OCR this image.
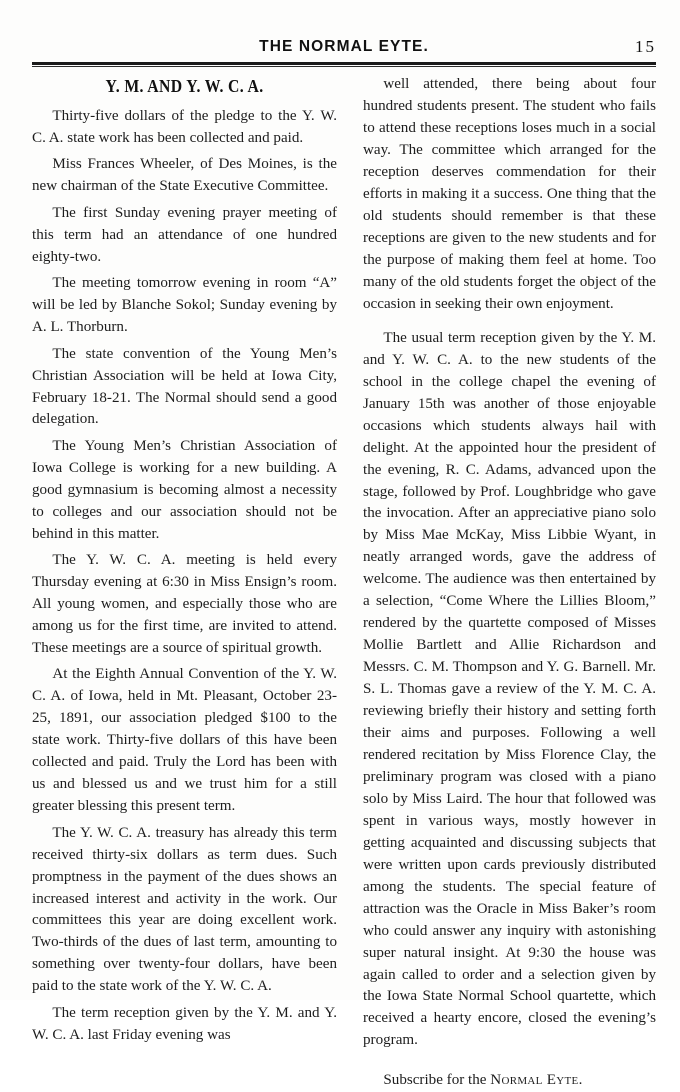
THE NORMAL EYTE.	15
Y. M. AND Y. W. C. A.

Thirty-five dollars of the pledge to the Y. W. C. A. state work has been collected and paid.

Miss Frances Wheeler, of Des Moines, is the new chairman of the State Executive Committee.

The first Sunday evening prayer meeting of this term had an attendance of one hundred eighty-two.

The meeting tomorrow evening in room “A” will be led by Blanche Sokol; Sunday evening by A. L. Thorburn.

The state convention of the Young Men’s Christian Association will be held at Iowa City, February 18-21. The Normal should send a good delegation.

The Young Men’s Christian Association of Iowa College is working for a new building. A good gymnasium is becoming almost a necessity to colleges and our association should not be behind in this matter.

The Y. W. C. A. meeting is held every Thursday evening at 6:30 in Miss Ensign’s room. All young women, and especially those who are among us for the first time, are invited to attend. These meetings are a source of spiritual growth.

At the Eighth Annual Convention of the Y. W. C. A. of Iowa, held in Mt. Pleasant, October 23-25, 1891, our association pledged $100 to the state work. Thirty-five dollars of this have been collected and paid. Truly the Lord has been with us and blessed us and we trust him for a still greater blessing this present term.

The Y. W. C. A. treasury has already this term received thirty-six dollars as term dues. Such promptness in the payment of the dues shows an increased interest and activity in the work. Our committees this year are doing excellent work. Two-thirds of the dues of last term, amounting to something over twenty-four dollars, have been paid to the state work of the Y. W. C. A.

The term reception given by the Y. M. and Y. W. C. A. last Friday evening was

well attended, there being about four hundred students present. The student who fails to attend these receptions loses much in a social way. The committee which arranged for the reception deserves commendation for their efforts in making it a success. One thing that the old students should remember is that these receptions are given to the new students and for the purpose of making them feel at home. Too many of the old students forget the object of the occasion in seeking their own enjoyment.

The usual term reception given by the Y. M. and Y. W. C. A. to the new students of the school in the college chapel the evening of January 15th was another of those enjoyable occasions which students always hail with delight. At the appointed hour the president of the evening, R. C. Adams, advanced upon the stage, followed by Prof. Loughbridge who gave the invocation. After an appreciative piano solo by Miss Mae McKay, Miss Libbie Wyant, in neatly arranged words, gave the address of welcome. The audience was then entertained by a selection, “Come Where the Lillies Bloom,” rendered by the quartette composed of Misses Mollie Bartlett and Allie Richardson and Messrs. C. M. Thompson and Y. G. Barnell. Mr. S. L. Thomas gave a review of the Y. M. C. A. reviewing briefly their history and setting forth their aims and purposes. Following a well rendered recitation by Miss Florence Clay, the preliminary program was closed with a piano solo by Miss Laird. The hour that followed was spent in various ways, mostly however in getting acquainted and discussing subjects that were written upon cards previously distributed among the students. The special feature of attraction was the Oracle in Miss Baker’s room who could answer any inquiry with astonishing super natural insight. At 9:30 the house was again called to order and a selection given by the Iowa State Normal School quartette, which received a hearty encore, closed the evening’s program.

Subscribe for the Normal Eyte.
